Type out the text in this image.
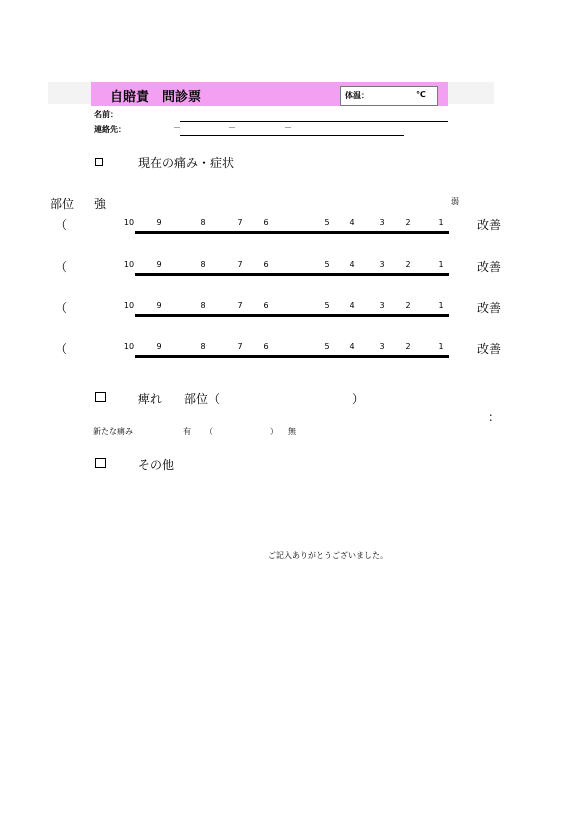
自賠責　問診票	体温：	℃
名前：
連絡先：	－	－	－
現在の痛み・症状
部位 強	弱
（	10	9	8	7	6	5	4	3	2	1	改善
（	10	9	8	7	6	5	4	3	2	1	改善
（	10	9	8	7	6	5	4	3	2	1	改善
（	10	9	8	7	6	5	4	3	2	1	改善
痺れ 部位（	）
：
新たな痛み	有 （	） 無
その他
ご記入ありがとうございました。
